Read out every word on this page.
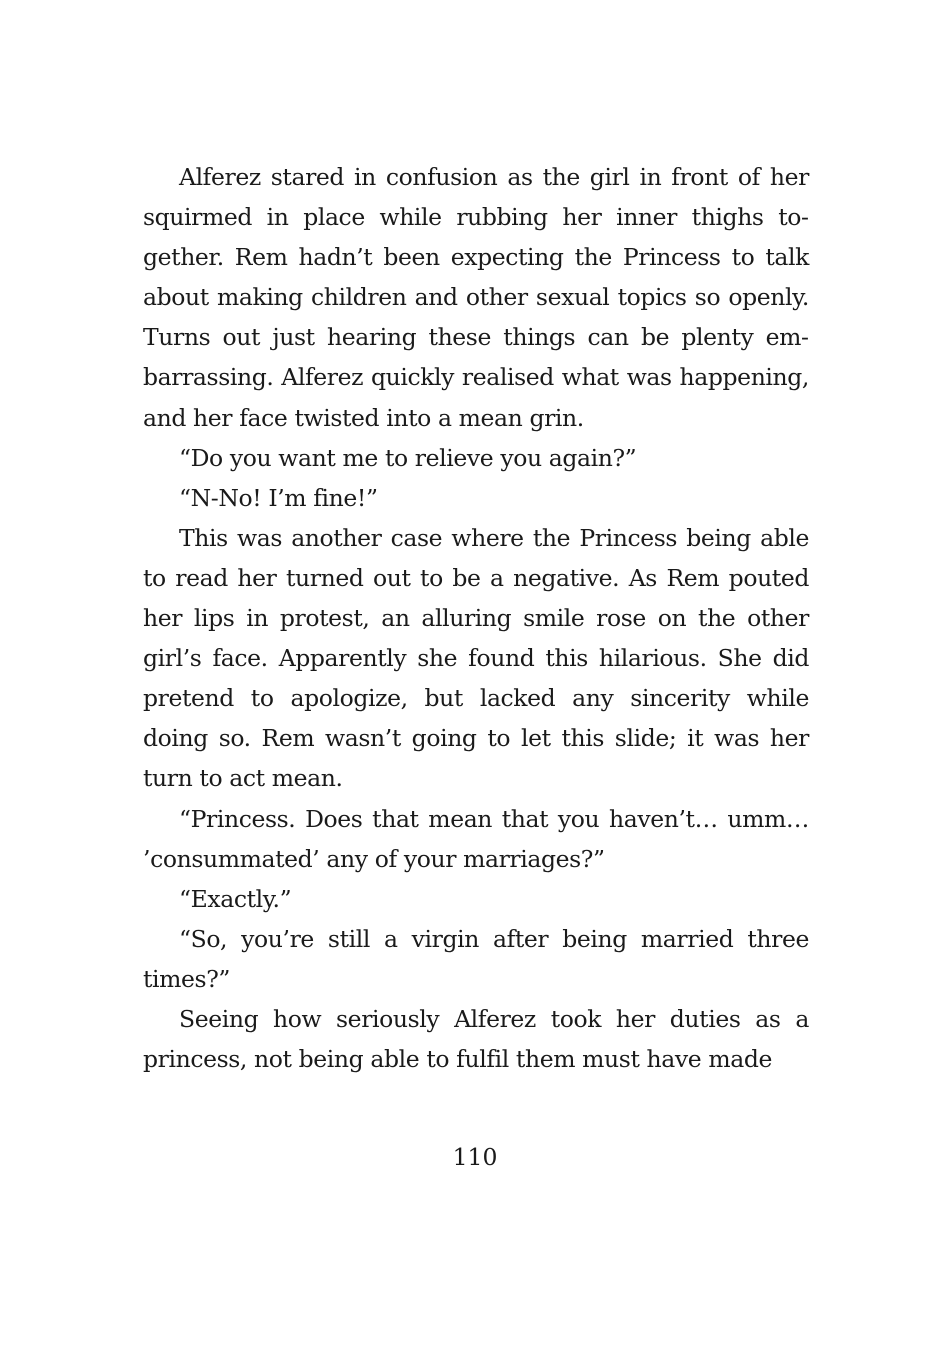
Alferez stared in confusion as the girl in front of her squirmed in place while rubbing her inner thighs together. Rem hadn’t been expecting the Princess to talk about making children and other sexual topics so openly. Turns out just hearing these things can be plenty embarrassing. Alferez quickly realised what was happening, and her face twisted into a mean grin.

“Do you want me to relieve you again?”

“N-No! I’m fine!”

This was another case where the Princess being able to read her turned out to be a negative. As Rem pouted her lips in protest, an alluring smile rose on the other girl’s face. Apparently she found this hilarious. She did pretend to apologize, but lacked any sincerity while doing so. Rem wasn’t going to let this slide; it was her turn to act mean.

“Princess. Does that mean that you haven’t… umm… ’consummated’ any of your marriages?”

“Exactly.”

“So, you’re still a virgin after being married three times?”

Seeing how seriously Alferez took her duties as a princess, not being able to fulfil them must have made

110
